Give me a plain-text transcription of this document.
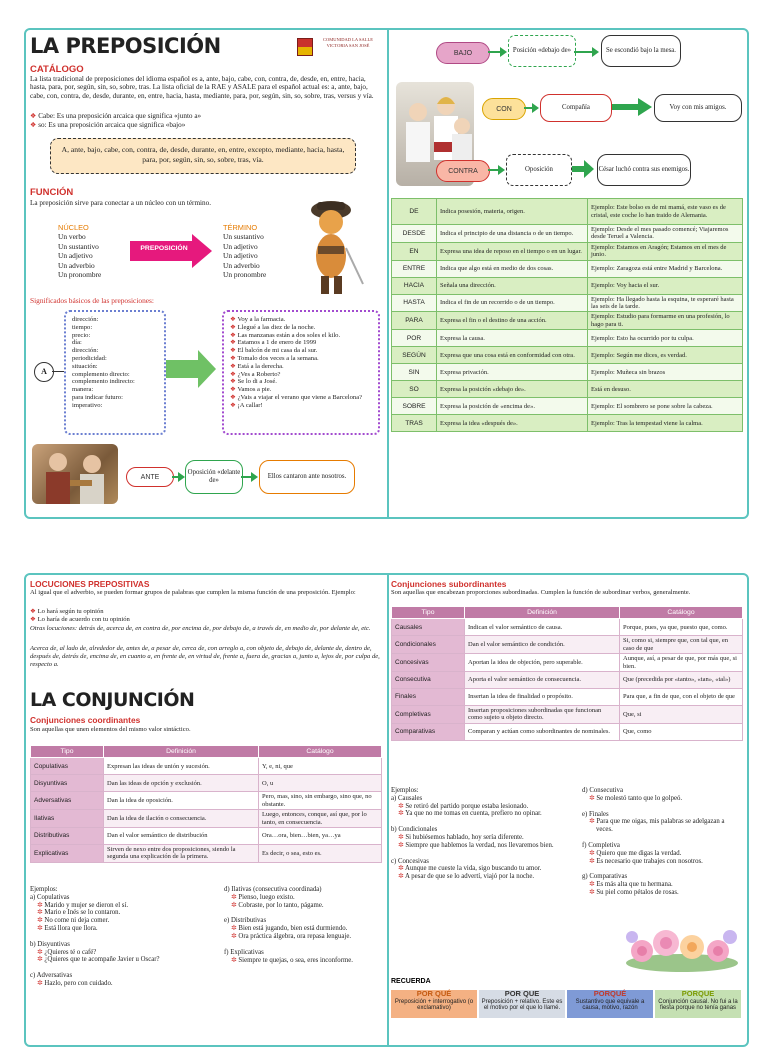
LA PREPOSICIÓN	COMUNIDAD LA SALLE
VICTORIA SAN JOSÉ
CATÁLOGO
La lista tradicional de preposiciones del idioma español es a, ante, bajo, cabe, con, contra, de, desde, en, entre, hacia, hasta, para, por, según, sin, so, sobre, tras. La lista oficial de la RAE y ASALE para el español actual es: a, ante, bajo, cabe, con, contra, de, desde, durante, en, entre, hacia, hasta, mediante, para, por, según, sin, so, sobre, tras, versus y vía.
❖ Cabe: Es una preposición arcaica que significa «junto a»
❖ so: Es una preposición arcaica que significa «bajo»
A, ante, bajo, cabe, con, contra, de, desde, durante, en, entre, excepto, mediante, hacia, hasta, para, por, según, sin, so, sobre, tras, vía.
FUNCIÓN
La preposición sirve para conectar a un núcleo con un término.
NÚCLEO
Un verbo
Un sustantivo
Un adjetivo
Un adverbio
Un pronombre
PREPOSICIÓN
TÉRMINO
Un sustantivo
Un adjetivo
Un adjetivo
Un adverbio
Un pronombre
Significados básicos de las preposiciones:
dirección:
tiempo:
precio:
día:
dirección:
periodicidad:
situación:
complemento directo:
complemento indirecto:
manera:
para indicar futuro:
imperativo:
A
❖ Voy a la farmacia.
❖ Llegué a las diez de la noche.
❖ Las manzanas están a dos soles el kilo.
❖ Estamos a 1 de enero de 1999
❖ El balcón de mi casa da al sur.
❖ Tomalo dos veces a la semana.
❖ Está a la derecha.
❖ ¿Ves a Roberto?
❖ Se lo di a José.
❖ Vamos a pie.
❖ ¿Vais a viajar el verano que viene a Barcelona?
❖ ¡A callar!
ANTE
Oposición «delante de»
Ellos cantaron ante nosotros.
BAJO	Posición «debajo de»	Se escondió bajo la mesa.
CON	Compañía	Voy con mis amigos.
CONTRA	Oposición	César luchó contra sus enemigos.
DE	Indica posesión, materia, origen.	Ejemplo: Este bolso es de mi mamá, este vaso es de cristal, este coche lo han traido de Alemania.
DESDE	Indica el principio de una distancia o de un tiempo.	Ejemplo: Desde el mes pasado comencé; Viajaremos desde Teruel a Valencia.
EN	Expresa una idea de reposo en el tiempo o en un lugar.	Ejemplo: Estamos en Aragón; Estamos en el mes de junio.
ENTRE	Indica que algo está en medio de dos cosas.	Ejemplo: Zaragoza está entre Madrid y Barcelona.
HACIA	Señala una dirección.	Ejemplo: Voy hacia el sur.
HASTA	Indica el fin de un recorrido o de un tiempo.	Ejemplo: Ha llegado hasta la esquina, te esperaré hasta las seis de la tarde.
PARA	Expresa el fin o el destino de una acción.	Ejemplo: Estudio para formarme en una profesión, lo hago para ti.
POR	Expresa la causa.	Ejemplo: Esto ha ocurrido por tu culpa.
SEGÚN	Expresa que una cosa está en conformidad con otra.	Ejemplo: Según me dices, es verdad.
SIN	Expresa privación.	Ejemplo: Muñeca sin brazos
SO	Expresa la posición «debajo de».	Está en desuso.
SOBRE	Expresa la posición de «encima de».	Ejemplo: El sombrero se pone sobre la cabeza.
TRAS	Expresa la idea «después de».	Ejemplo: Tras la tempestad viene la calma.
LOCUCIONES PREPOSITIVAS
Al igual que el adverbio, se pueden formar grupos de palabras que cumplen la misma función de una preposición. Ejemplo:
❖ Lo hará según tu opinión
❖ Lo haría de acuerdo con tu opinión
Otras locuciones: detrás de, acerca de, en contra de, por encima de, por debajo de, a través de, en medio de, por delante de, etc.
Acerca de, al lado de, alrededor de, antes de, a pesar de, cerca de, con arreglo a, con objeto de, debajo de, delante de, dentro de, después de, detrás de, encima de, en cuanto a, en frente de, en virtud de, frente a, fuera de, gracias a, junto a, lejos de, por culpa de, respecto a.
LA CONJUNCIÓN
Conjunciones coordinantes
Son aquellas que unen elementos del mismo valor sintáctico.
Tipo	Definición	Catálogo
Copulativas	Expresan las ideas de unión y sucesión.	Y, e, ni, que
Disyuntivas	Dan las ideas de opción y exclusión.	O, u
Adversativas	Dan la idea de oposición.	Pero, mas, sino, sin embargo, sino que, no obstante.
Ilativas	Dan la idea de ilación o consecuencia.	Luego, entonces, conque, así que, por lo tanto, en consecuencia.
Distributivas	Dan el valor semántico de distribución	Ora…ora, bien…bien, ya…ya
Explicativas	Sirven de nexo entre dos proposiciones, siendo la segunda una explicación de la primera.	Es decir, o sea, esto es.
Ejemplos:
a) Copulativas
✲ Marido y mujer se dieron el sí.
✲ Mario e Inés se lo contaron.
✲ No come ni deja comer.
✲ Está llora que llora.
b) Disyuntivas
✲ ¿Quieres té o café?
✲ ¿Quieres que te acompañe Javier u Oscar?
c) Adversativas
✲ Hazlo, pero con cuidado.
d) Ilativas (consecutiva coordinada)
✲ Pienso, luego existo.
✲ Cobraste, por lo tanto, págame.
e) Distributivas
✲ Bien está jugando, bien está durmiendo.
✲ Ora práctica álgebra, ora repasa lenguaje.
f) Explicativas
✲ Siempre te quejas, o sea, eres inconforme.
Conjunciones subordinantes
Son aquellas que encabezan proporciones subordinadas. Cumplen la función de subordinar verbos, generalmente.
Tipo	Definición	Catálogo
Causales	Indican el valor semántico de causa.	Porque, pues, ya que, puesto que, como.
Condicionales	Dan el valor semántico de condición.	Si, como si, siempre que, con tal que, en caso de que
Concesivas	Aportan la idea de objeción, pero superable.	Aunque, así, a pesar de que, por más que, si bien.
Consecutiva	Aporta el valor semántico de consecuencia.	Que (precedida por «tanto», «tan», «tal»)
Finales	Insertan la idea de finalidad o propósito.	Para que, a fin de que, con el objeto de que
Completivas	Insertan proposiciones subordinadas que funcionan como sujeto u objeto directo.	Que, si
Comparativas	Comparan y actúan como subordinantes de nominales.	Que, como
Ejemplos:
a) Causales
✲ Se retiró del partido porque estaba lesionado.
✲ Ya que no me tomas en cuenta, prefiero no opinar.
b) Condicionales
✲ Si hubiésemos hablado, hoy sería diferente.
✲ Siempre que hablemos la verdad, nos llevaremos bien.
c) Concesivas
✲ Aunque me cueste la vida, sigo buscando tu amor.
✲ A pesar de que se lo advertí, viajó por la noche.
d) Consecutiva
✲ Se molestó tanto que lo golpeó.
e) Finales
✲ Para que me oigas, mis palabras se adelgazan a veces.
f) Completiva
✲ Quiero que me digas la verdad.
✲ Es necesario que trabajes con nosotros.
g) Comparativas
✲ Es más alta que tu hermana.
✲ Su piel como pétalos de rosas.
RECUERDA
POR QUÉ
Preposición + interrogativo (o exclamativo)
POR QUE
Preposición + relativo. Este es el motivo por el que lo llamé.
PORQUÉ
Sustantivo que equivale a causa, motivo, razón
PORQUE
Conjunción causal. No fui a la fiesta porque no tenía ganas
